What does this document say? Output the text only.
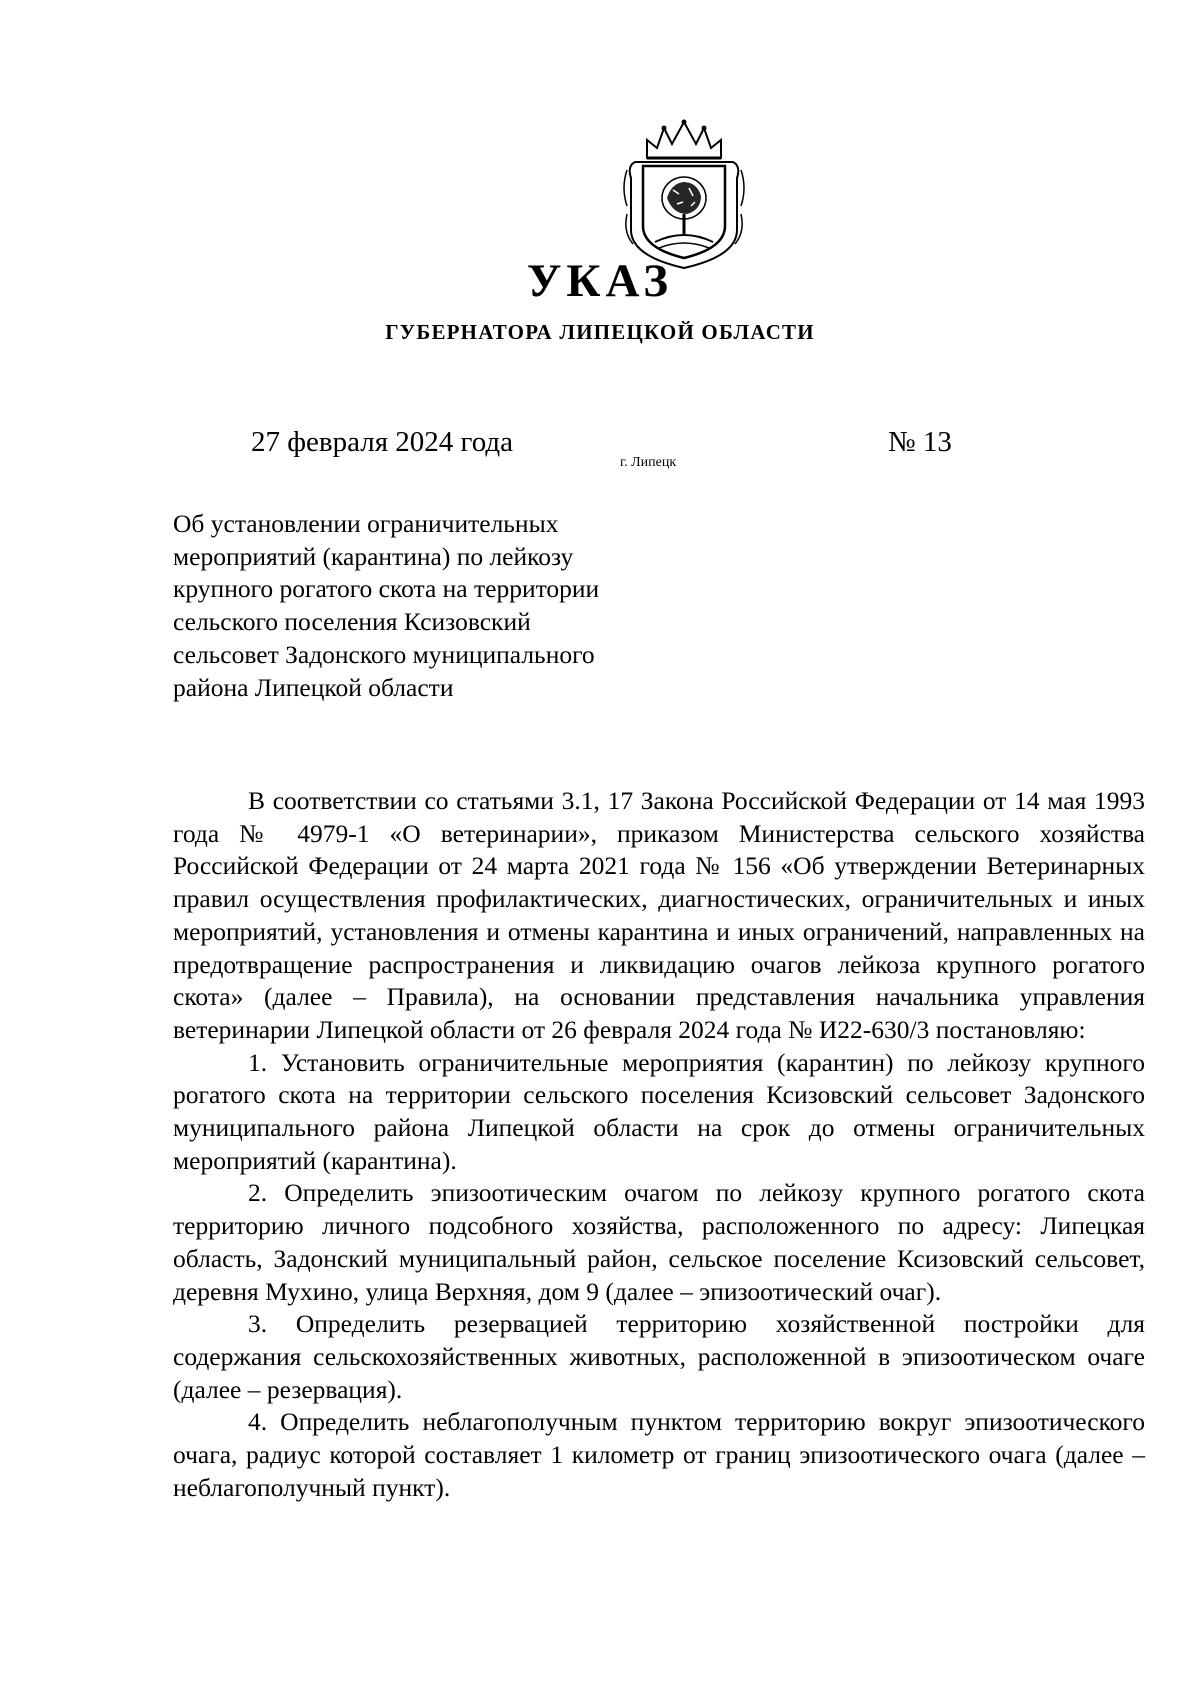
УКАЗ
ГУБЕРНАТОРА ЛИПЕЦКОЙ ОБЛАСТИ
27 февраля 2024 года
г. Липецк
№ 13
Об установлении ограничительных
мероприятий (карантина) по лейкозу
крупного рогатого скота на территории
сельского поселения Ксизовский
сельсовет Задонского муниципального
района Липецкой области

В соответствии со статьями 3.1, 17 Закона Российской Федерации от 14 мая 1993 года № 4979-1 «О ветеринарии», приказом Министерства сельского хозяйства Российской Федерации от 24 марта 2021 года № 156 «Об утверждении Ветеринарных правил осуществления профилактических, диагностических, ограничительных и иных мероприятий, установления и отмены карантина и иных ограничений, направленных на предотвращение распространения и ликвидацию очагов лейкоза крупного рогатого скота» (далее – Правила), на основании представления начальника управления ветеринарии Липецкой области от 26 февраля 2024 года № И22-630/3 постановляю:

1. Установить ограничительные мероприятия (карантин) по лейкозу крупного рогатого скота на территории сельского поселения Ксизовский сельсовет Задонского муниципального района Липецкой области на срок до отмены ограничительных мероприятий (карантина).

2. Определить эпизоотическим очагом по лейкозу крупного рогатого скота территорию личного подсобного хозяйства, расположенного по адресу: Липецкая область, Задонский муниципальный район, сельское поселение Ксизовский сельсовет, деревня Мухино, улица Верхняя, дом 9 (далее – эпизоотический очаг).

3. Определить резервацией территорию хозяйственной постройки для содержания сельскохозяйственных животных, расположенной в эпизоотическом очаге (далее – резервация).

4. Определить неблагополучным пунктом территорию вокруг эпизоотического очага, радиус которой составляет 1 километр от границ эпизоотического очага (далее – неблагополучный пункт).
